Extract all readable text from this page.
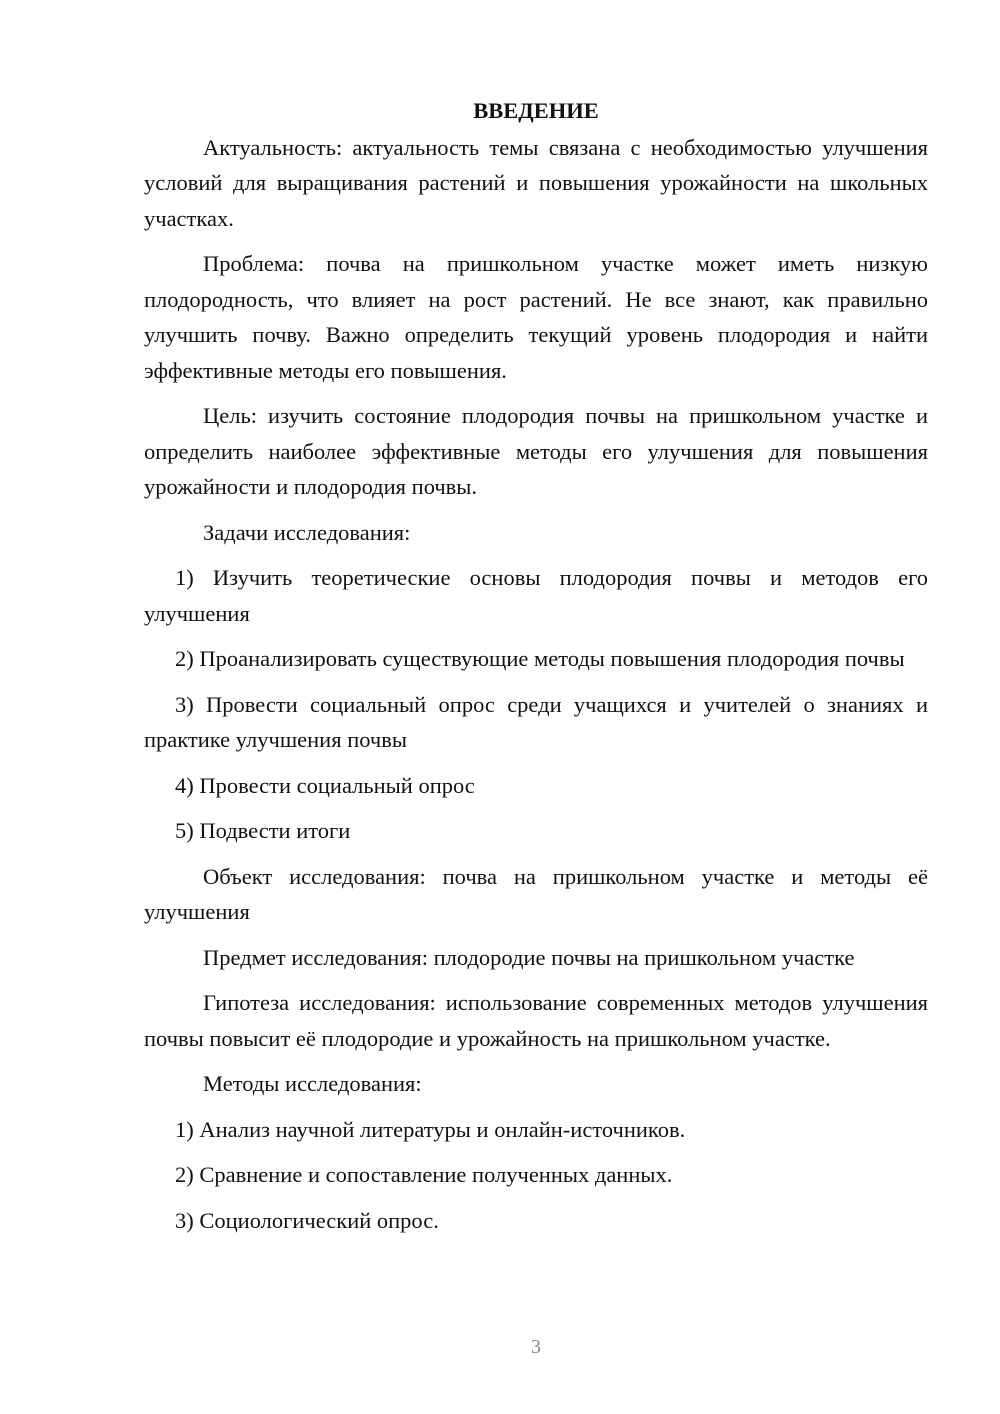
ВВЕДЕНИЕ

Актуальность: актуальность темы связана с необходимостью улучшения условий для выращивания растений и повышения урожайности на школьных участках.

Проблема: почва на пришкольном участке может иметь низкую плодородность, что влияет на рост растений. Не все знают, как правильно улучшить почву. Важно определить текущий уровень плодородия и найти эффективные методы его повышения.

Цель: изучить состояние плодородия почвы на пришкольном участке и определить наиболее эффективные методы его улучшения для повышения урожайности и плодородия почвы.

Задачи исследования:

1) Изучить теоретические основы плодородия почвы и методов его улучшения

2) Проанализировать существующие методы повышения плодородия почвы

3) Провести социальный опрос среди учащихся и учителей о знаниях и практике улучшения почвы

4) Провести социальный опрос

5) Подвести итоги

Объект исследования: почва на пришкольном участке и методы её улучшения

Предмет исследования: плодородие почвы на пришкольном участке

Гипотеза исследования: использование современных методов улучшения почвы повысит её плодородие и урожайность на пришкольном участке.

Методы исследования:

1) Анализ научной литературы и онлайн-источников.

2) Сравнение и сопоставление полученных данных.

3) Социологический опрос.

3
